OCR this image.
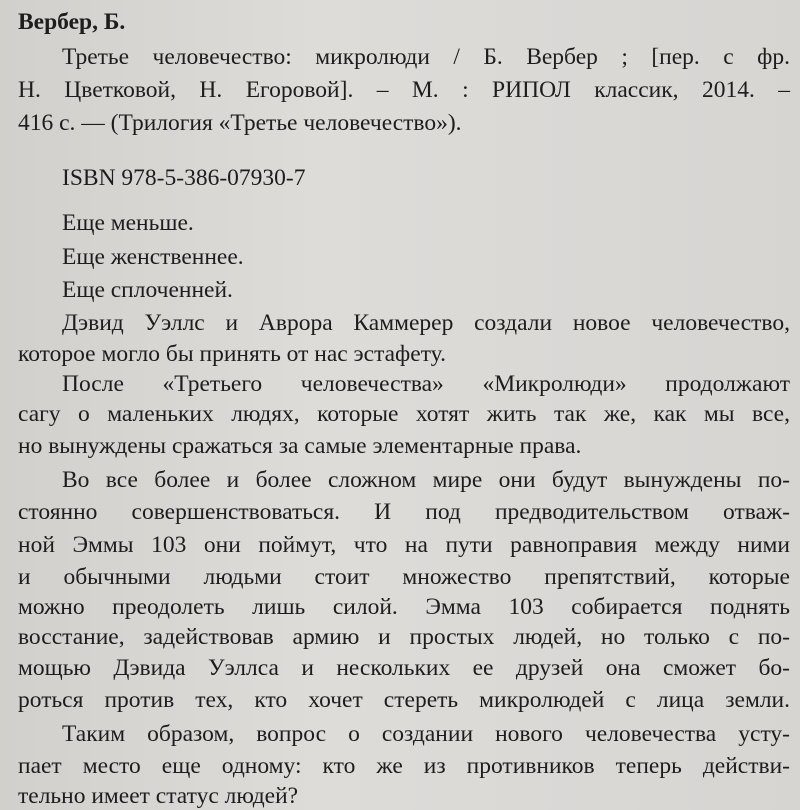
Вербер, Б.
Третье человечество: микролюди / Б. Вербер ; [пер. с фр.
Н. Цветковой, Н. Егоровой]. – М. : РИПОЛ классик, 2014. –
416 с. — (Трилогия «Третье человечество»).
ISBN 978-5-386-07930-7
Еще меньше.
Еще женственнее.
Еще сплоченней.
Дэвид Уэллс и Аврора Каммерер создали новое человечество,
которое могло бы принять от нас эстафету.
После «Третьего человечества» «Микролюди» продолжают
сагу о маленьких людях, которые хотят жить так же, как мы все,
но вынуждены сражаться за самые элементарные права.
Во все более и более сложном мире они будут вынуждены по-
стоянно совершенствоваться. И под предводительством отваж-
ной Эммы 103 они поймут, что на пути равноправия между ними
и обычными людьми стоит множество препятствий, которые
можно преодолеть лишь силой. Эмма 103 собирается поднять
восстание, задействовав армию и простых людей, но только с по-
мощью Дэвида Уэллса и нескольких ее друзей она сможет бо-
роться против тех, кто хочет стереть микролюдей с лица земли.
Таким образом, вопрос о создании нового человечества усту-
пает место еще одному: кто же из противников теперь действи-
тельно имеет статус людей?
